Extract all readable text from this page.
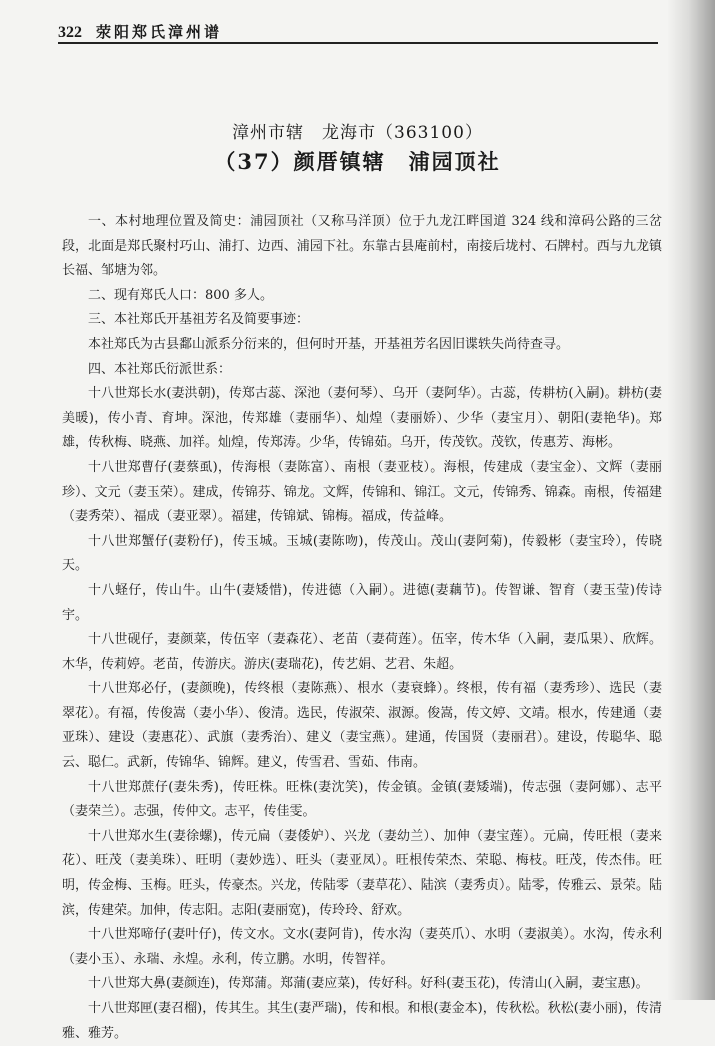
322 荥阳郑氏漳州谱
漳州市辖　龙海市（363100）
（37）颜厝镇辖　浦园顶社

一、本村地理位置及简史：浦园顶社（又称马洋顶）位于九龙江畔国道 324 线和漳码公路的三岔段，北面是郑氏聚村巧山、浦打、边西、浦园下社。东靠古县庵前村，南接后垅村、石牌村。西与九龙镇长福、邹塘为邻。

二、现有郑氏人口：800 多人。

三、本社郑氏开基祖芳名及简要事迹：

本社郑氏为古县鄱山派系分衍来的，但何时开基，开基祖芳名因旧谍轶失尚待查寻。

四、本社郑氏衍派世系：

十八世郑长水(妻洪朝)，传郑古蕊、深池（妻何琴）、乌开（妻阿华）。古蕊，传耕枋(入嗣)。耕枋(妻美暖)，传小青、育坤。深池，传郑雄（妻丽华）、灿煌（妻丽娇）、少华（妻宝月）、朝阳(妻艳华)。郑雄，传秋梅、晓燕、加祥。灿煌，传郑涛。少华，传锦茹。乌开，传茂钦。茂钦，传惠芳、海彬。

十八世郑曹仔(妻蔡虱)，传海根（妻陈富）、南根（妻亚枝）。海根，传建成（妻宝金）、文辉（妻丽珍）、文元（妻玉荣）。建成，传锦芬、锦龙。文辉，传锦和、锦江。文元，传锦秀、锦森。南根，传福建（妻秀荣）、福成（妻亚翠）。福建，传锦斌、锦梅。福成，传益峰。

十八世郑蟹仔(妻粉仔)，传玉城。玉城(妻陈吻)，传茂山。茂山(妻阿菊)，传毅彬（妻宝玲），传晓天。

十八蛏仔，传山牛。山牛(妻矮惜)，传进德（入嗣）。进德(妻藕节)。传智谦、智育（妻玉莹)传诗宇。

十八世砚仔，妻颜菜，传伍宰（妻森花）、老苗（妻荷莲）。伍宰，传木华（入嗣，妻瓜果）、欣辉。木华，传莉婷。老苗，传游庆。游庆(妻瑞花)，传艺娟、艺君、朱超。

十八世郑必仔，(妻颜晚)，传终根（妻陈燕）、根水（妻衰蜂）。终根，传有福（妻秀珍）、选民（妻翠花）。有福，传俊嵩（妻小华）、俊清。选民，传淑荣、淑源。俊嵩，传文婷、文靖。根水，传建通（妻亚珠）、建设（妻惠花）、武旗（妻秀治）、建义（妻宝燕）。建通，传国贤（妻丽君）。建设，传聪华、聪云、聪仁。武新，传锦华、锦辉。建义，传雪君、雪茹、伟南。

十八世郑蔗仔(妻朱秀)，传旺株。旺株(妻沈笑)，传金镇。金镇(妻矮端)，传志强（妻阿娜）、志平（妻荣兰）。志强，传仲文。志平，传佳雯。

十八世郑水生(妻徐螺)，传元扁（妻倭妒）、兴龙（妻幼兰）、加伸（妻宝莲）。元扁，传旺根（妻来花）、旺茂（妻美珠）、旺明（妻妙选）、旺头（妻亚凤）。旺根传荣杰、荣聪、梅枝。旺茂，传杰伟。旺明，传金梅、玉梅。旺头，传豪杰。兴龙，传陆零（妻草花）、陆滨（妻秀贞）。陆零，传雅云、景荣。陆滨，传建荣。加伸，传志阳。志阳(妻丽宽)，传玲玲、舒欢。

十八世郑啼仔(妻叶仔)，传文水。文水(妻阿肯)，传水沟（妻英爪）、水明（妻淑美）。水沟，传永利（妻小玉）、永瑞、永煌。永利，传立鹏。水明，传智祥。

十八世郑大鼻(妻颜连)，传郑蒲。郑蒲(妻应菜)，传好科。好科(妻玉花)，传清山(入嗣，妻宝惠)。

十八世郑匣(妻召榴)，传其生。其生(妻严瑞)，传和根。和根(妻金本)，传秋松。秋松(妻小丽)，传清雅、雅芳。
